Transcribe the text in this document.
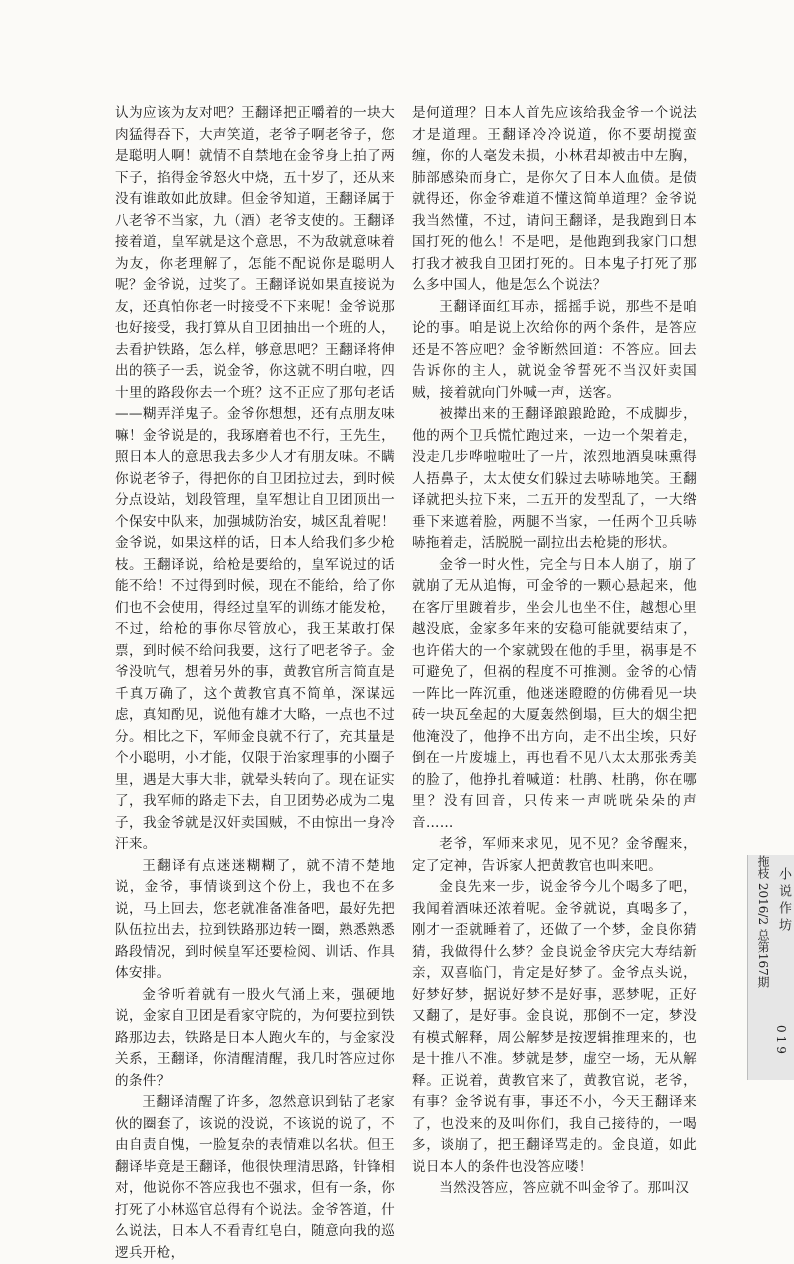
认为应该为友对吧？王翻译把正嚼着的一块大肉猛得吞下，大声笑道，老爷子啊老爷子，您是聪明人啊！就情不自禁地在金爷身上拍了两下子，掐得金爷怒火中烧，五十岁了，还从来没有谁敢如此放肆。但金爷知道，王翻译属于八老爷不当家，九（酒）老爷支使的。王翻译接着道，皇军就是这个意思，不为敌就意味着为友，你老理解了，怎能不配说你是聪明人呢？金爷说，过奖了。王翻译说如果直接说为友，还真怕你老一时接受不下来呢！金爷说那也好接受，我打算从自卫团抽出一个班的人，去看护铁路，怎么样，够意思吧？王翻译将伸出的筷子一丢，说金爷，你这就不明白啦，四十里的路段你去一个班？这不正应了那句老话——糊弄洋鬼子。金爷你想想，还有点朋友味嘛！金爷说是的，我琢磨着也不行，王先生，照日本人的意思我去多少人才有朋友味。不瞒你说老爷子，得把你的自卫团拉过去，到时候分点设站，划段管理，皇军想让自卫团顶出一个保安中队来，加强城防治安，城区乱着呢！金爷说，如果这样的话，日本人给我们多少枪枝。王翻译说，给枪是要给的，皇军说过的话能不给！不过得到时候，现在不能给，给了你们也不会使用，得经过皇军的训练才能发枪，不过，给枪的事你尽管放心，我王某敢打保票，到时候不给问我要，这行了吧老爷子。金爷没吭气，想着另外的事，黄教官所言简直是千真万确了，这个黄教官真不简单，深谋远虑，真知酌见，说他有雄才大略，一点也不过分。相比之下，军师金良就不行了，充其量是个小聪明，小才能，仅限于治家理事的小圈子里，遇是大事大非，就晕头转向了。现在证实了，我军师的路走下去，自卫团势必成为二鬼子，我金爷就是汉奸卖国贼，不由惊出一身冷汗来。

王翻译有点迷迷糊糊了，就不清不楚地说，金爷，事情谈到这个份上，我也不在多说，马上回去，您老就准备准备吧，最好先把队伍拉出去，拉到铁路那边转一圈，熟悉熟悉路段情况，到时候皇军还要检阅、训话、作具体安排。

金爷听着就有一股火气涌上来，强硬地说，金家自卫团是看家守院的，为何要拉到铁路那边去，铁路是日本人跑火车的，与金家没关系，王翻译，你清醒清醒，我几时答应过你的条件？

王翻译清醒了许多，忽然意识到钻了老家伙的圈套了，该说的没说，不该说的说了，不由自责自愧，一脸复杂的表情难以名状。但王翻译毕竟是王翻译，他很快理清思路，针锋相对，他说你不答应我也不强求，但有一条，你打死了小林巡官总得有个说法。金爷答道，什么说法，日本人不看青红皂白，随意向我的巡逻兵开枪，

是何道理？日本人首先应该给我金爷一个说法才是道理。王翻译冷冷说道，你不要胡搅蛮缠，你的人毫发未损，小林君却被击中左胸，肺部感染而身亡，是你欠了日本人血债。是债就得还，你金爷难道不懂这简单道理？金爷说我当然懂，不过，请问王翻译，是我跑到日本国打死的他么！不是吧，是他跑到我家门口想打我才被我自卫团打死的。日本鬼子打死了那么多中国人，他是怎么个说法？

王翻译面红耳赤，摇摇手说，那些不是咱论的事。咱是说上次给你的两个条件，是答应还是不答应吧？金爷断然回道：不答应。回去告诉你的主人，就说金爷誓死不当汉奸卖国贼，接着就向门外喊一声，送客。

被撵出来的王翻译踉踉跄跄，不成脚步，他的两个卫兵慌忙跑过来，一边一个架着走，没走几步哗啦啦吐了一片，浓烈地酒臭味熏得人捂鼻子，太太使女们躲过去哧哧地笑。王翻译就把头拉下来，二五开的发型乱了，一大绺垂下来遮着脸，两腿不当家，一任两个卫兵哧哧拖着走，活脱脱一副拉出去枪毙的形状。

金爷一时火性，完全与日本人崩了，崩了就崩了无从追悔，可金爷的一颗心悬起来，他在客厅里踱着步，坐会儿也坐不住，越想心里越没底，金家多年来的安稳可能就要结束了，也许偌大的一个家就毁在他的手里，祸事是不可避免了，但祸的程度不可推测。金爷的心情一阵比一阵沉重，他迷迷瞪瞪的仿佛看见一块砖一块瓦垒起的大厦轰然倒塌，巨大的烟尘把他淹没了，他挣不出方向，走不出尘埃，只好倒在一片废墟上，再也看不见八太太那张秀美的脸了，他挣扎着喊道：杜鹃、杜鹃，你在哪里？没有回音，只传来一声咣咣朵朵的声音……

老爷，军师来求见，见不见？金爷醒来，定了定神，告诉家人把黄教官也叫来吧。

金良先来一步，说金爷今儿个喝多了吧，我闻着酒味还浓着呢。金爷就说，真喝多了，刚才一歪就睡着了，还做了一个梦，金良你猜猜，我做得什么梦？金良说金爷庆完大寿结新亲，双喜临门，肯定是好梦了。金爷点头说，好梦好梦，据说好梦不是好事，恶梦呢，正好又翻了，是好事。金良说，那倒不一定，梦没有模式解释，周公解梦是按逻辑推理来的，也是十推八不准。梦就是梦，虚空一场，无从解释。正说着，黄教官来了，黄教官说，老爷，有事？金爷说有事，事还不小，今天王翻译来了，也没来的及叫你们，我自己接待的，一喝多，谈崩了，把王翻译骂走的。金良道，如此说日本人的条件也没答应喽！

当然没答应，答应就不叫金爷了。那叫汉

拖枝 2016/2 总第167期 小说作坊
019
